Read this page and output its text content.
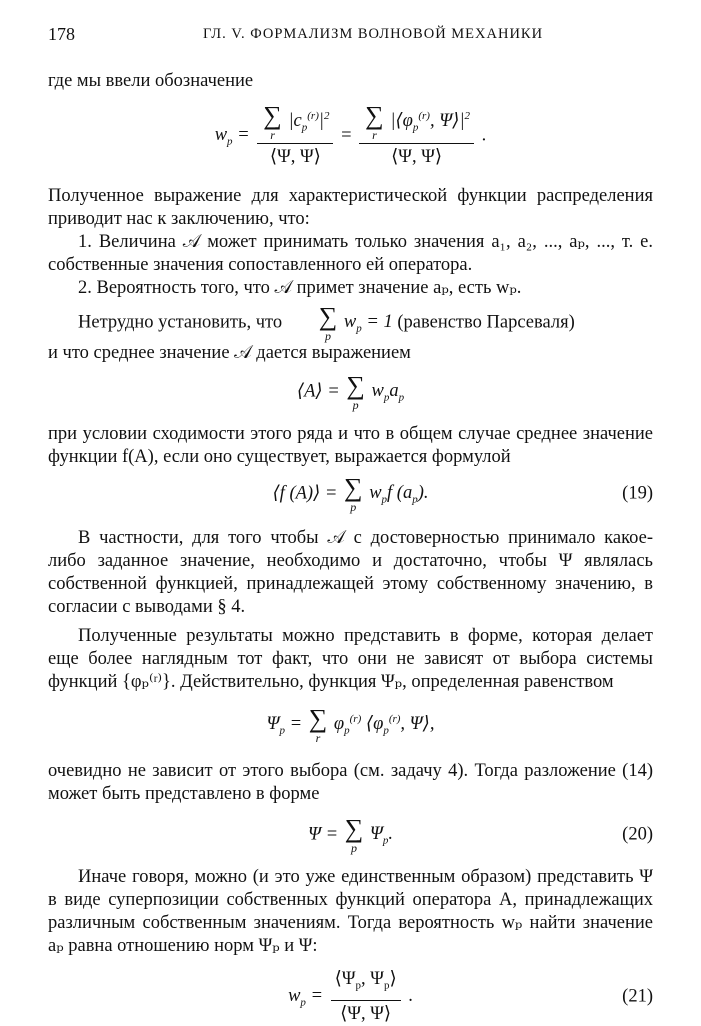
178	ГЛ. V. ФОРМАЛИЗМ ВОЛНОВОЙ МЕХАНИКИ

где мы ввели обозначение

$w_p$ = ∑
r
$|c_p^{(r)}|^2$
⟨Ψ, Ψ⟩ = ∑
r
$|⟨\varphi_p^{(r)}$, $\Psi⟩|^2$
⟨Ψ, Ψ⟩ .

Полученное выражение для характеристической функции распределения приводит нас к заключению, что:

1. Величина 𝒜 может принимать только значения a₁, a₂, ..., aₚ, ..., т. е. собственные значения сопоставленного ей оператора.

2. Вероятность того, что 𝒜 примет значение aₚ, есть wₚ.

Нетрудно установить, что	∑
p
$w_p = 1$ (равенство Парсеваля)

и что среднее значение 𝒜 дается выражением

⟨A⟩ = ∑
p
$w_pa_p$

при условии сходимости этого ряда и что в общем случае среднее значение функции f(A), если оно существует, выражается формулой

⟨f (A)⟩ = ∑
p
$w_pf$ $(a_p)$.	(19)

В частности, для того чтобы 𝒜 с достоверностью принимало какое-либо заданное значение, необходимо и достаточно, чтобы Ψ являлась собственной функцией, принадлежащей этому собственному значению, в согласии с выводами § 4.

Полученные результаты можно представить в форме, которая делает еще более наглядным тот факт, что они не зависят от выбора системы функций {φₚ⁽ʳ⁾}. Действительно, функция Ψₚ, определенная равенством

$\Psi_p$ = ∑
r
$\varphi_p^{(r)}$ $⟨\varphi_p^{(r)}$, Ψ⟩,

очевидно не зависит от этого выбора (см. задачу 4). Тогда разложение (14) может быть представлено в форме

Ψ = ∑
p
$\Psi_p$.	(20)

Иначе говоря, можно (и это уже единственным образом) представить Ψ в виде суперпозиции собственных функций оператора A, принадлежащих различным собственным значениям. Тогда вероятность wₚ найти значение aₚ равна отношению норм Ψₚ и Ψ:

$w_p = \frac{⟨\Psi_p, \Psi_p⟩}{⟨\Psi, \Psi⟩}$ .	(21)
